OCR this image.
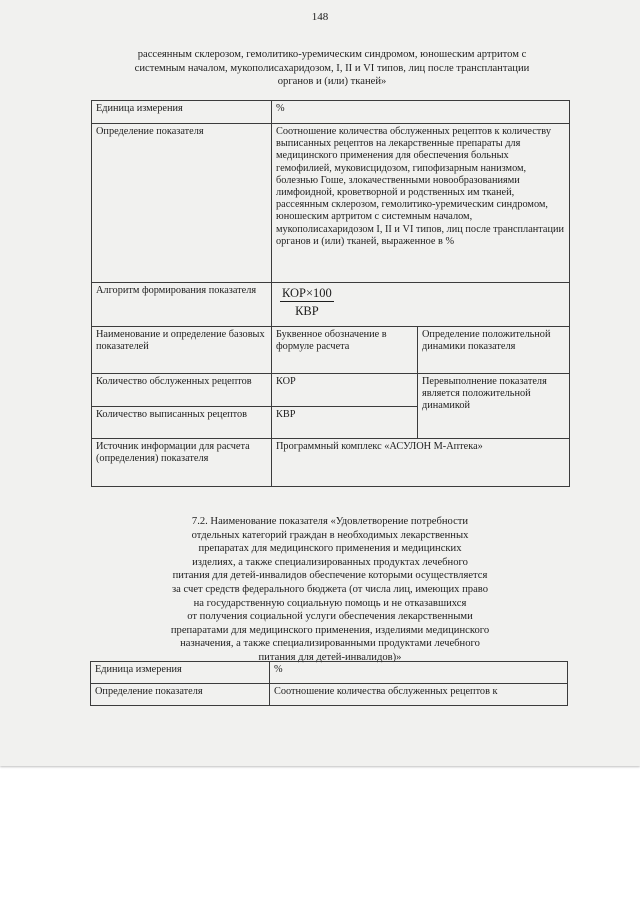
148
рассеянным склерозом, гемолитико-уремическим синдромом, юношеским артритом с
системным началом, мукополисахаридозом, I, II и VI типов, лиц после трансплантации
органов и (или) тканей»
Единица измерения	%	
Определение показателя	Соотношение количества обслуженных рецептов к количеству выписанных рецептов на лекарственные препараты для медицинского применения для обеспечения больных гемофилией, муковисцидозом, гипофизарным нанизмом, болезнью Гоше, злокачественными новообразованиями лимфоидной, кроветворной и родственных им тканей, рассеянным склерозом, гемолитико-уремическим синдромом, юношеским артритом с системным началом, мукополисахаридозом I, II и VI типов, лиц после трансплантации органов и (или) тканей, выраженное в %	
Алгоритм формирования показателя	$\frac{\text{КОР×100}}{\text{КВР}}$

Наименование и определение базовых показателей	Буквенное обозначение в формуле расчета	Определение положительной динамики показателя
Количество обслуженных рецептов	КОР	Перевыполнение показателя является положительной динамикой
Количество выписанных рецептов	КВР	
Источник информации для расчета (определения) показателя	Программный комплекс «АСУЛОН М-Аптека»	
7.2. Наименование показателя «Удовлетворение потребности
отдельных категорий граждан в необходимых лекарственных
препаратах для медицинского применения и медицинских
изделиях, а также специализированных продуктах лечебного
питания для детей-инвалидов обеспечение которыми осуществляется
за счет средств федерального бюджета (от числа лиц, имеющих право
на государственную социальную помощь и не отказавшихся
от получения социальной услуги обеспечения лекарственными
препаратами для медицинского применения, изделиями медицинского
назначения, а также специализированными продуктами лечебного
питания для детей-инвалидов)»
Единица измерения	%
Определение показателя	Соотношение количества обслуженных рецептов к
